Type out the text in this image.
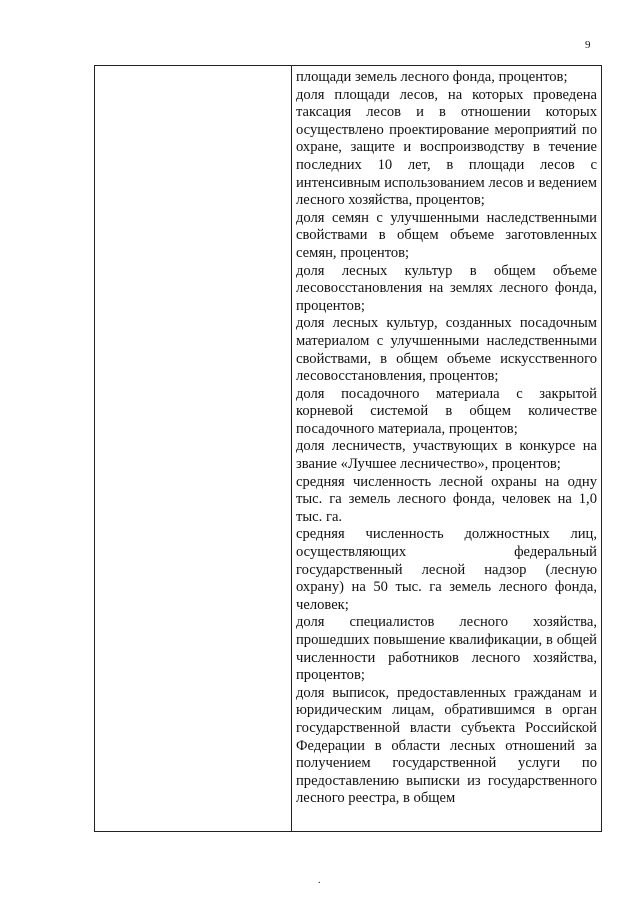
9

площади земель лесного фонда, процентов;

доля площади лесов, на которых проведена таксация лесов и в отношении которых осуществлено проектирование мероприятий по охране, защите и воспроизводству в течение последних 10 лет, в площади лесов с интенсивным использованием лесов и ведением лесного хозяйства, процентов;

доля семян с улучшенными наследственными свойствами в общем объеме заготовленных семян, процентов;

доля лесных культур в общем объеме лесовосстановления на землях лесного фонда, процентов;

доля лесных культур, созданных посадочным материалом с улучшенными наследственными свойствами, в общем объеме искусственного лесовосстановления, процентов;

доля посадочного материала с закрытой корневой системой в общем количестве посадочного материала, процентов;

доля лесничеств, участвующих в конкурсе на звание «Лучшее лесничество», процентов;

средняя численность лесной охраны на одну тыс. га земель лесного фонда, человек на 1,0 тыс. га.

средняя численность должностных лиц, осуществляющих федеральный государственный лесной надзор (лесную охрану) на 50 тыс. га земель лесного фонда, человек;

доля специалистов лесного хозяйства, прошедших повышение квалификации, в общей численности работников лесного хозяйства, процентов;

доля выписок, предоставленных гражданам и юридическим лицам, обратившимся в орган государственной власти субъекта Российской Федерации в области лесных отношений за получением государственной услуги по предоставлению выписки из государственного лесного реестра, в общем

.
